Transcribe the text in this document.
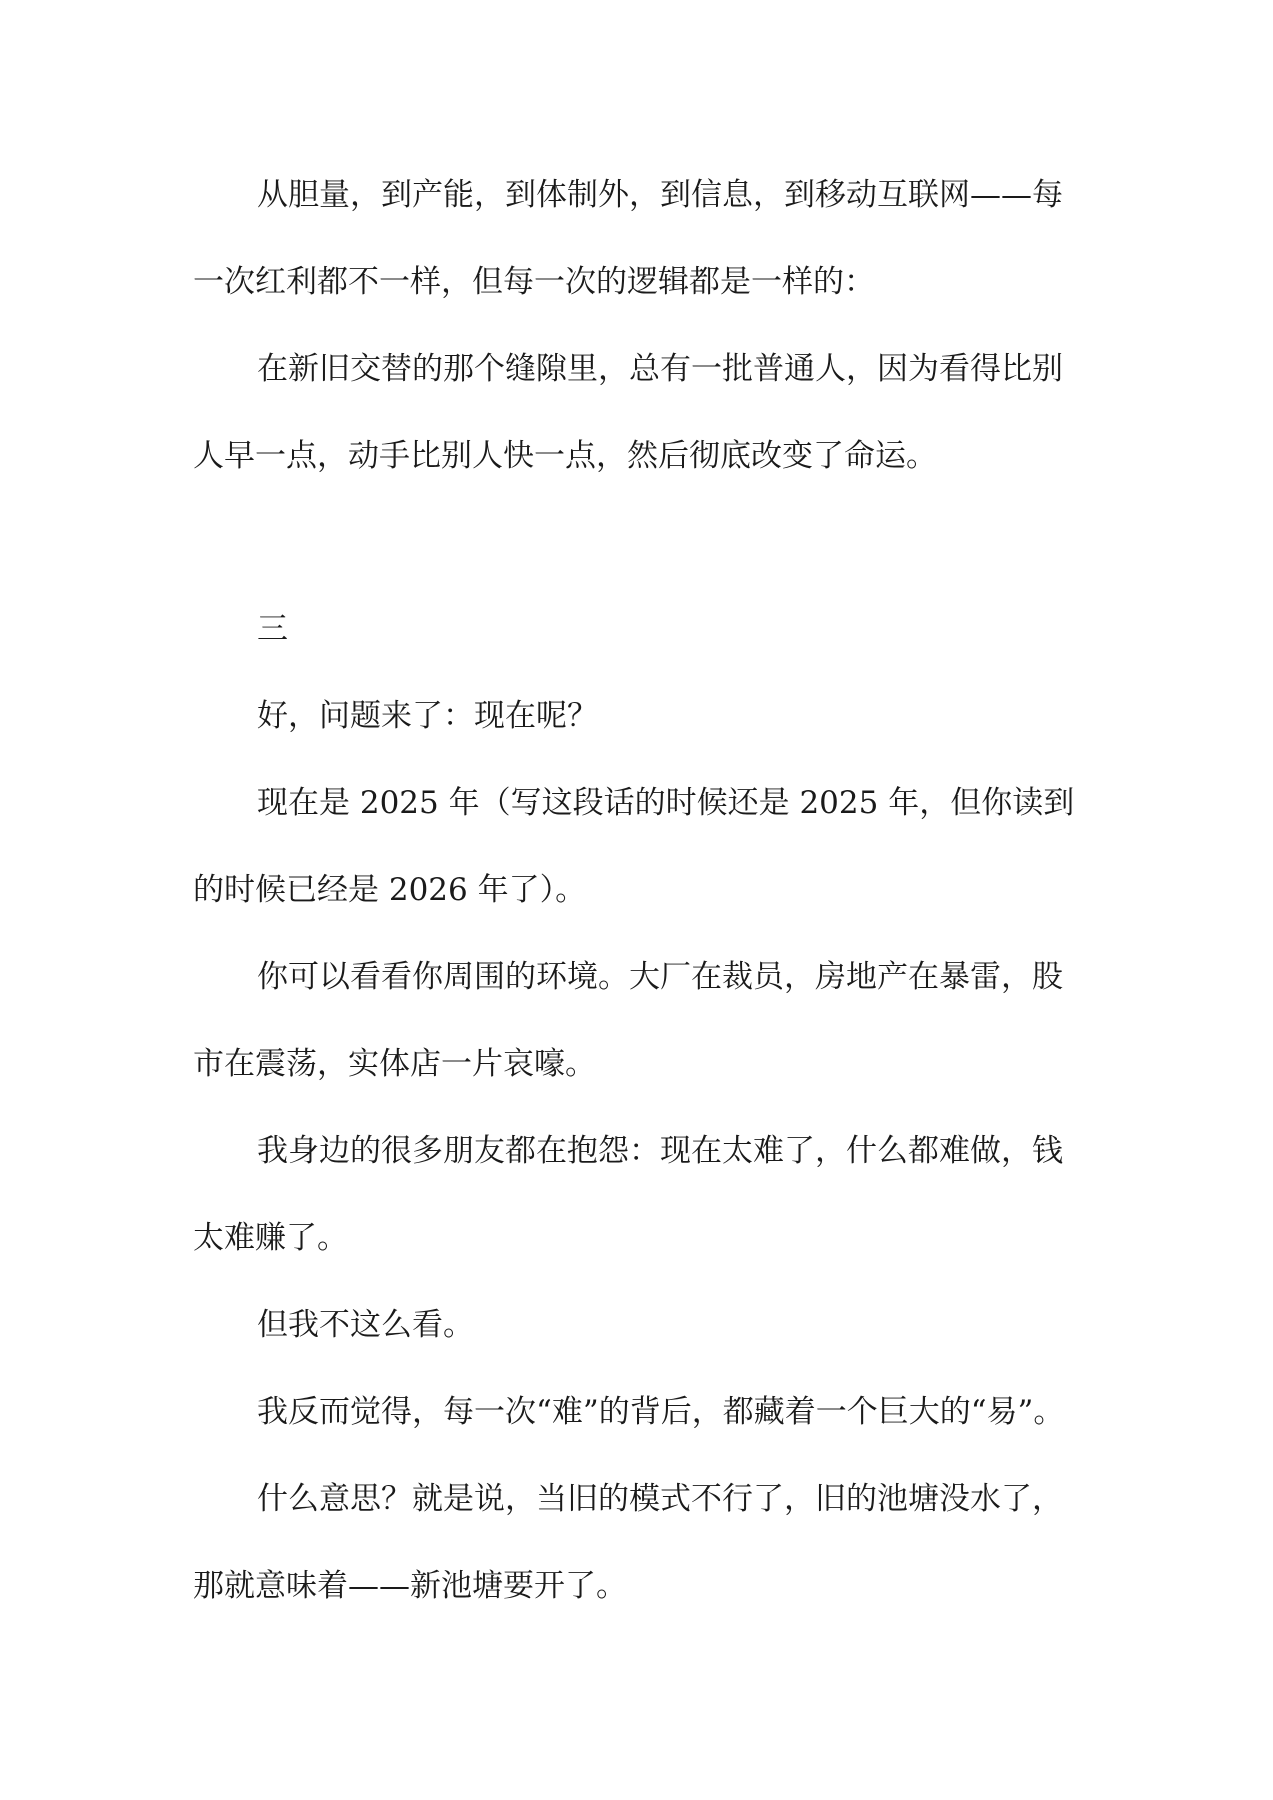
从胆量，到产能，到体制外，到信息，到移动互联网——每一次红利都不一样，但每一次的逻辑都是一样的：

在新旧交替的那个缝隙里，总有一批普通人，因为看得比别人早一点，动手比别人快一点，然后彻底改变了命运。

三

好，问题来了：现在呢？

现在是 2025 年（写这段话的时候还是 2025 年，但你读到的时候已经是 2026 年了）。

你可以看看你周围的环境。大厂在裁员，房地产在暴雷，股市在震荡，实体店一片哀嚎。

我身边的很多朋友都在抱怨：现在太难了，什么都难做，钱太难赚了。

但我不这么看。

我反而觉得，每一次“难”的背后，都藏着一个巨大的“易”。

什么意思？就是说，当旧的模式不行了，旧的池塘没水了，那就意味着——新池塘要开了。
